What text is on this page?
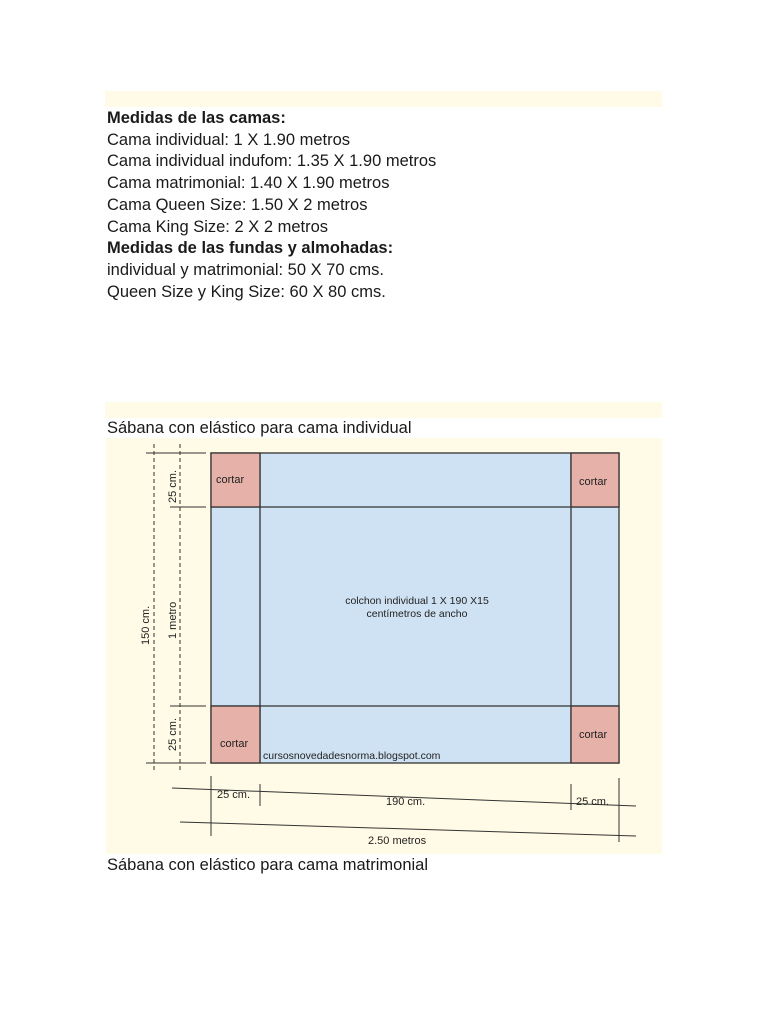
Medidas de las camas:
Cama individual: 1 X 1.90 metros
Cama individual indufom: 1.35 X 1.90 metros
Cama matrimonial: 1.40 X 1.90 metros
Cama Queen Size: 1.50 X 2 metros
Cama King Size: 2 X 2 metros
Medidas de las fundas y almohadas:
individual y matrimonial: 50 X 70 cms.
Queen Size y King Size: 60 X 80 cms.
Sábana con elástico para cama individual
cortar	cortar
cortar
cortar
colchon individual 1 X 190 X15
centímetros de ancho
cursosnovedadesnorma.blogspot.com
150 cm. 1 metro
25 cm.
25 cm.
25 cm.
190 cm.	25 cm.
2.50 metros
Sábana con elástico para cama matrimonial
